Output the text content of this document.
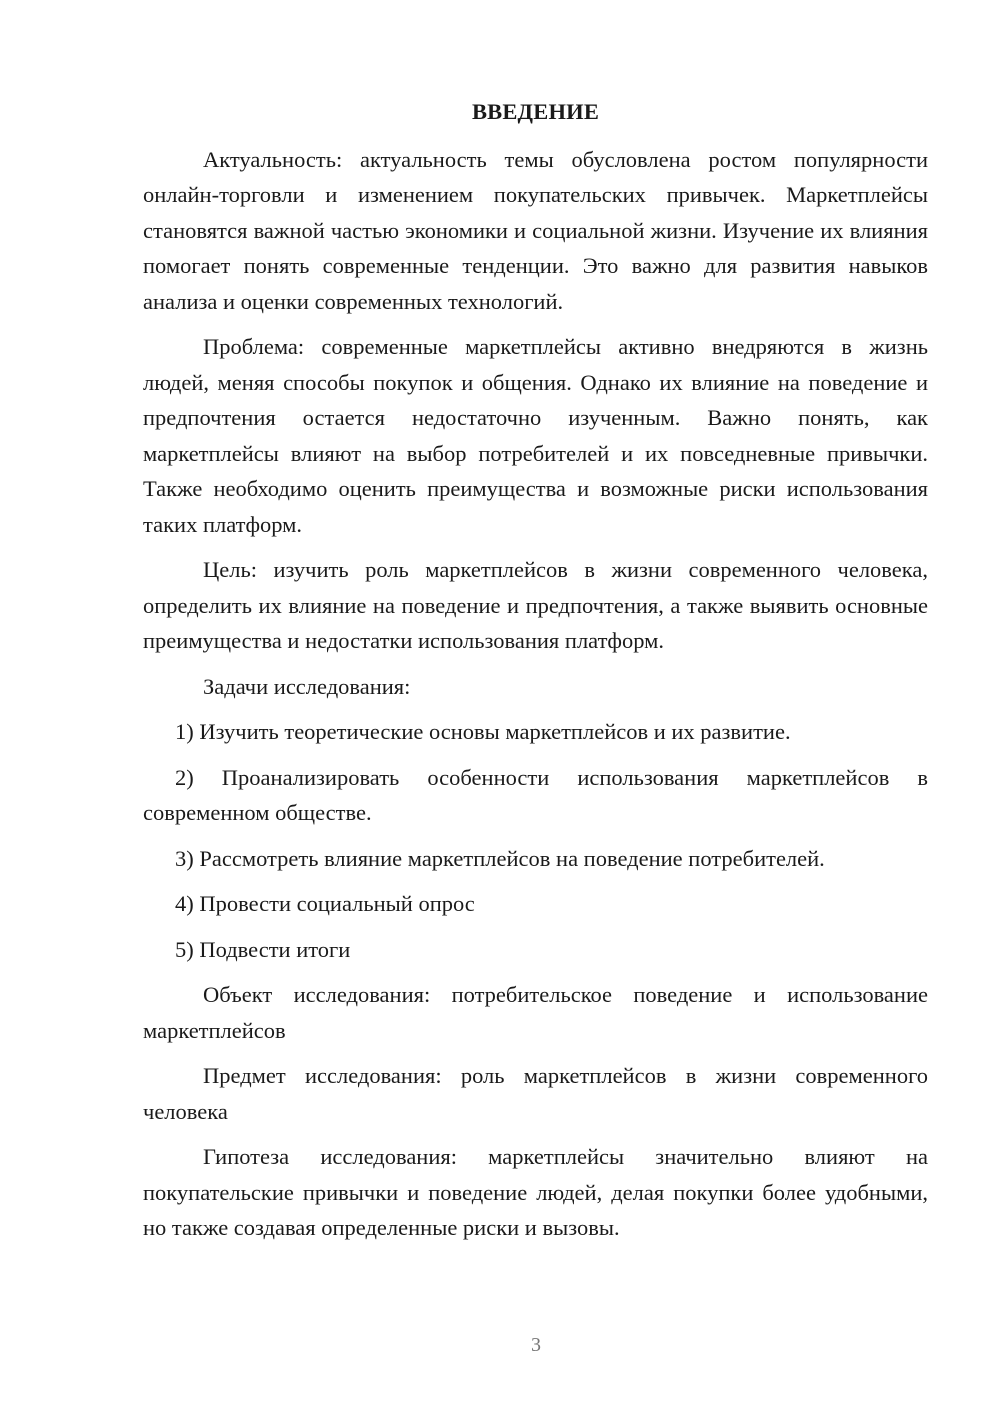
ВВЕДЕНИЕ

Актуальность: актуальность темы обусловлена ростом популярности онлайн-торговли и изменением покупательских привычек. Маркетплейсы становятся важной частью экономики и социальной жизни. Изучение их влияния помогает понять современные тенденции. Это важно для развития навыков анализа и оценки современных технологий.

Проблема: современные маркетплейсы активно внедряются в жизнь людей, меняя способы покупок и общения. Однако их влияние на поведение и предпочтения остается недостаточно изученным. Важно понять, как маркетплейсы влияют на выбор потребителей и их повседневные привычки. Также необходимо оценить преимущества и возможные риски использования таких платформ.

Цель: изучить роль маркетплейсов в жизни современного человека, определить их влияние на поведение и предпочтения, а также выявить основные преимущества и недостатки использования платформ.

Задачи исследования:

1) Изучить теоретические основы маркетплейсов и их развитие.

2) Проанализировать особенности использования маркетплейсов в современном обществе.

3) Рассмотреть влияние маркетплейсов на поведение потребителей.

4) Провести социальный опрос

5) Подвести итоги

Объект исследования: потребительское поведение и использование маркетплейсов

Предмет исследования: роль маркетплейсов в жизни современного человека

Гипотеза исследования: маркетплейсы значительно влияют на покупательские привычки и поведение людей, делая покупки более удобными, но также создавая определенные риски и вызовы.

3
